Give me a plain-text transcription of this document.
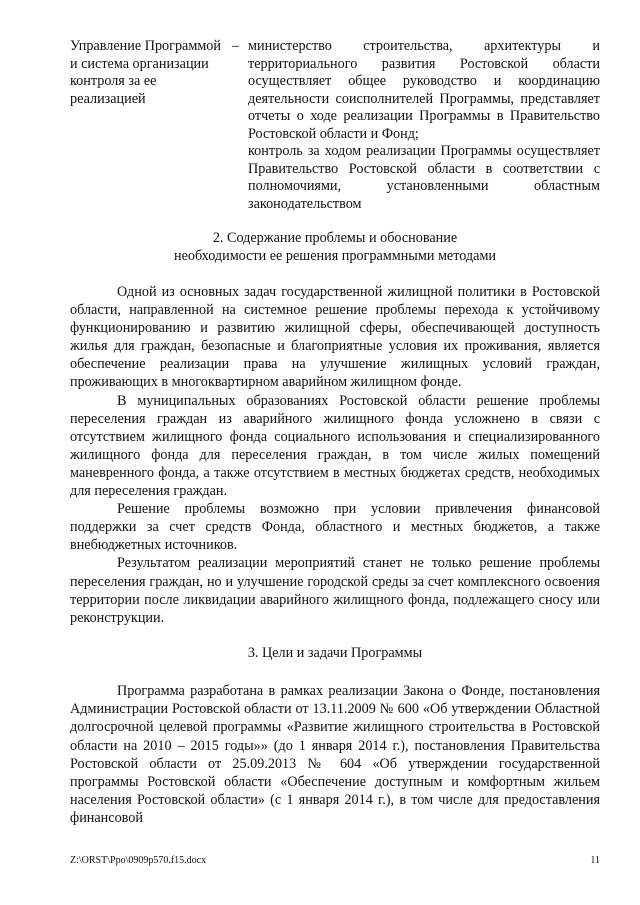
Управление Программой и система организации контроля за ее реализацией
– министерство строительства, архитектуры и территориального развития Ростовской области осуществляет общее руководство и координацию деятельности соисполнителей Программы, представляет отчеты о ходе реализации Программы в Правительство Ростовской области и Фонд;

контроль за ходом реализации Программы осуществляет Правительство Ростовской области в соответствии с полномочиями, установленными областным законодательством

2. Содержание проблемы и обоснование

необходимости ее решения программными методами

Одной из основных задач государственной жилищной политики в Ростовской области, направленной на системное решение проблемы перехода к устойчивому функционированию и развитию жилищной сферы, обеспечивающей доступность жилья для граждан, безопасные и благоприятные условия их проживания, является обеспечение реализации права на улучшение жилищных условий граждан, проживающих в многоквартирном аварийном жилищном фонде.

В муниципальных образованиях Ростовской области решение проблемы переселения граждан из аварийного жилищного фонда усложнено в связи с отсутствием жилищного фонда социального использования и специализированного жилищного фонда для переселения граждан, в том числе жилых помещений маневренного фонда, а также отсутствием в местных бюджетах средств, необходимых для переселения граждан.

Решение проблемы возможно при условии привлечения финансовой поддержки за счет средств Фонда, областного и местных бюджетов, а также внебюджетных источников.

Результатом реализации мероприятий станет не только решение проблемы переселения граждан, но и улучшение городской среды за счет комплексного освоения территории после ликвидации аварийного жилищного фонда, подлежащего сносу или реконструкции.

3. Цели и задачи Программы

Программа разработана в рамках реализации Закона о Фонде, постановления Администрации Ростовской области от 13.11.2009 № 600 «Об утверждении Областной долгосрочной целевой программы «Развитие жилищного строительства в Ростовской области на 2010 – 2015 годы»» (до 1 января 2014 г.), постановления Правительства Ростовской области от 25.09.2013 № 604 «Об утверждении государственной программы Ростовской области «Обеспечение доступным и комфортным жильем населения Ростовской области» (с 1 января 2014 г.), в том числе для предоставления финансовой

Z:\ORST\Ppo\0909p570.f15.docx	11
